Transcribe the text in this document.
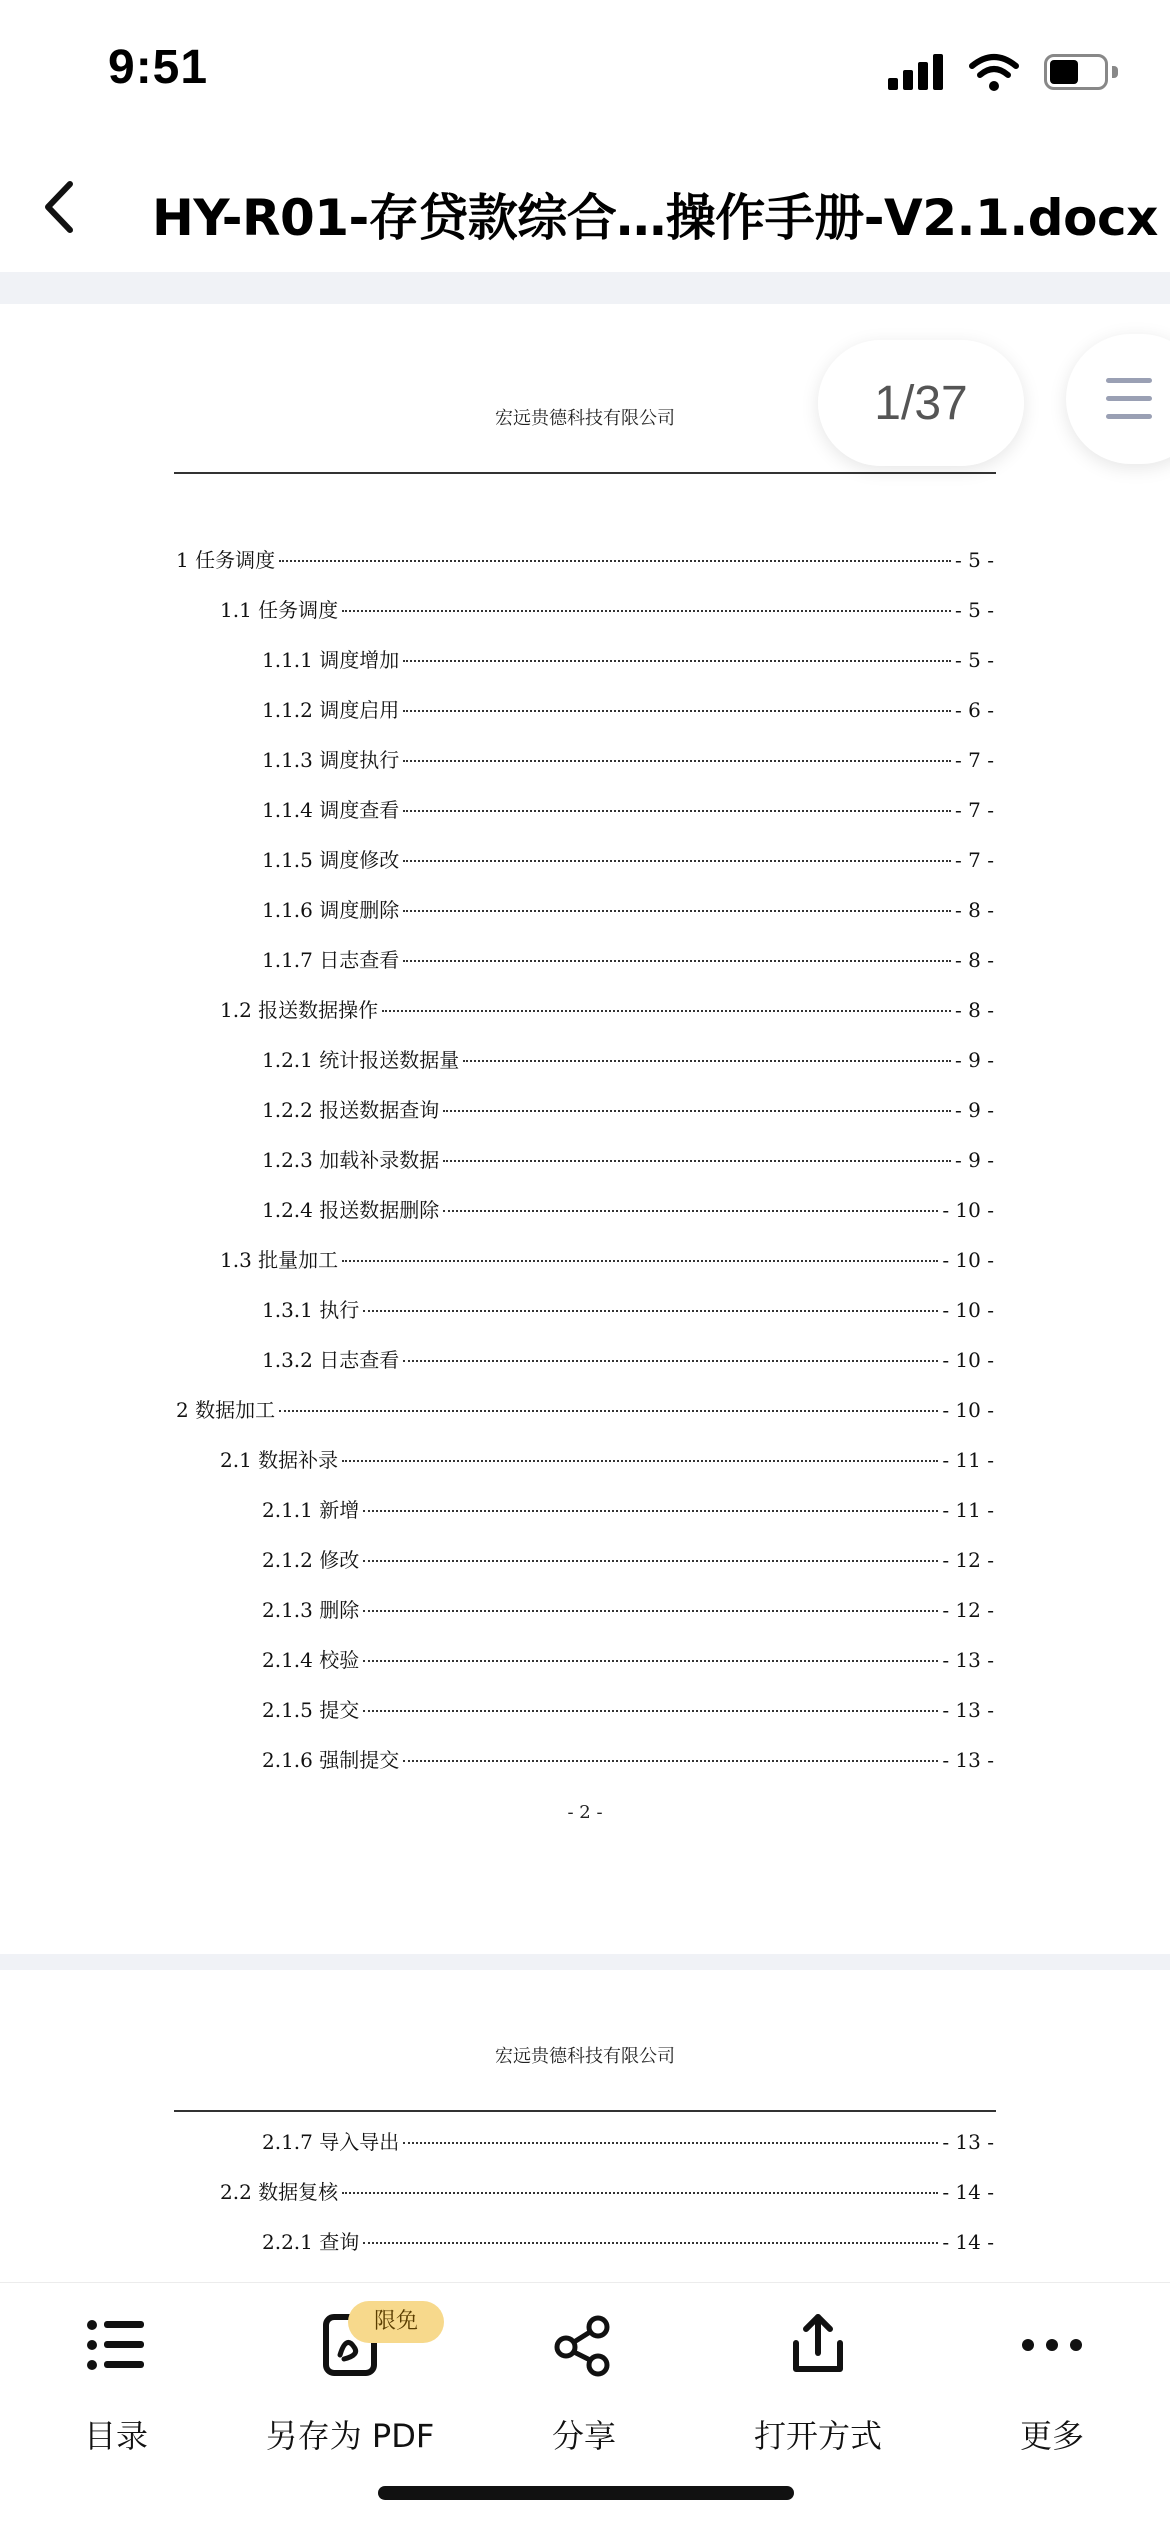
9:51
HY-R01-存贷款综合…操作手册-V2.1.docx
宏远贵德科技有限公司
1 任务调度	- 5 -
1.1 任务调度	- 5 -
1.1.1 调度增加	- 5 -
1.1.2 调度启用	- 6 -
1.1.3 调度执行	- 7 -
1.1.4 调度查看	- 7 -
1.1.5 调度修改	- 7 -
1.1.6 调度删除	- 8 -
1.1.7 日志查看	- 8 -
1.2 报送数据操作	- 8 -
1.2.1 统计报送数据量	- 9 -
1.2.2 报送数据查询	- 9 -
1.2.3 加载补录数据	- 9 -
1.2.4 报送数据删除	- 10 -
1.3 批量加工	- 10 -
1.3.1 执行	- 10 -
1.3.2 日志查看	- 10 -
2 数据加工	- 10 -
2.1 数据补录	- 11 -
2.1.1 新增	- 11 -
2.1.2 修改	- 12 -
2.1.3 删除	- 12 -
2.1.4 校验	- 13 -
2.1.5 提交	- 13 -
2.1.6 强制提交	- 13 -
- 2 -
宏远贵德科技有限公司
2.1.7 导入导出	- 13 -
2.2 数据复核	- 14 -
2.2.1 查询	- 14 -
1/37
目录	另存为 PDF
限免
分享	打开方式	更多
